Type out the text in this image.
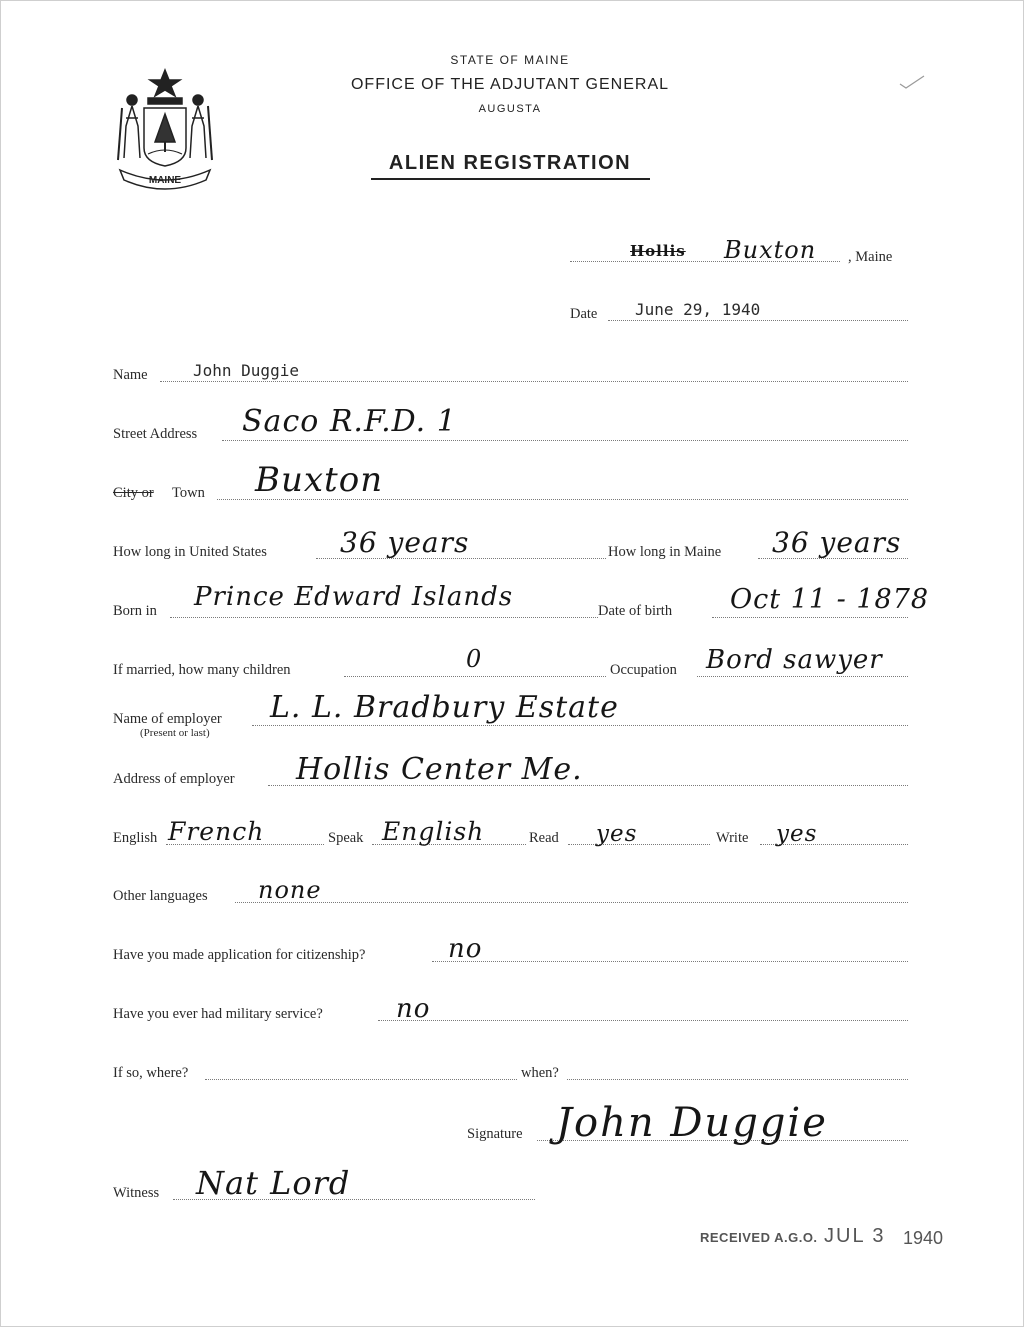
MAINE
STATE OF MAINE
OFFICE OF THE ADJUTANT GENERAL
AUGUSTA
ALIEN REGISTRATION
Hollis Buxton , Maine
Date June 29, 1940
Name	John Duggie
Street Address Saco R.F.D. 1
City or Town Buxton
How long in United States	36 years	How long in Maine 36 years
Born in Prince Edward Islands	Date of birth Oct 11 - 1878
If married, how many children	0	Occupation Bord sawyer
Name of employer
(Present or last)
L. L. Bradbury Estate
Address of employer Hollis Center Me.
English French	Speak English	Read yes	Write yes
Other languages none
Have you made application for citizenship?	no
Have you ever had military service?	no
If so, where?	when?
Signature John Duggie
Witness Nat Lord
RECEIVED A.G.O. JUL 3 1940
